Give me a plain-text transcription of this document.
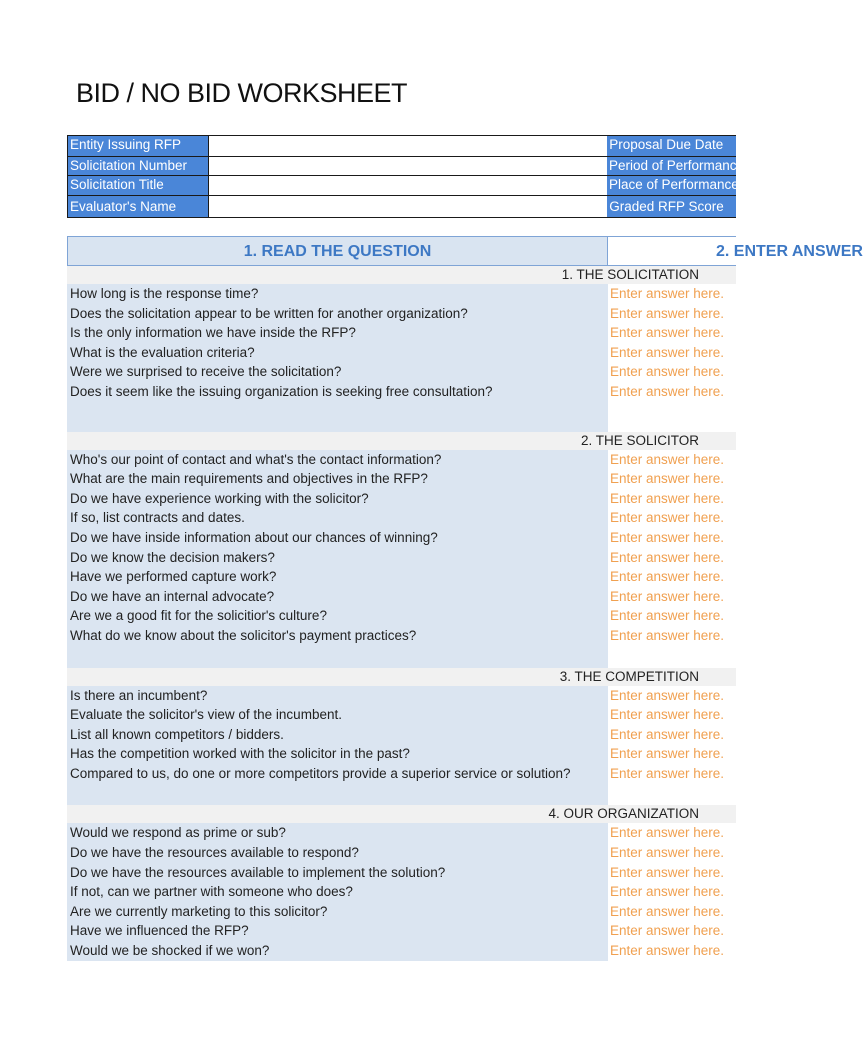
BID / NO BID WORKSHEET
Entity Issuing RFP	Proposal Due Date
Solicitation Number	Period of Performance
Solicitation Title	Place of Performance
Evaluator's Name	Graded RFP Score
1. READ THE QUESTION	2. ENTER ANSWER
1. THE SOLICITATION
How long is the response time?	Enter answer here.
Does the solicitation appear to be written for another organization?	Enter answer here.
Is the only information we have inside the RFP?	Enter answer here.
What is the evaluation criteria?	Enter answer here.
Were we surprised to receive the solicitation?	Enter answer here.
Does it seem like the issuing organization is seeking free consultation?	Enter answer here.
2. THE SOLICITOR
Who's our point of contact and what's the contact information?	Enter answer here.
What are the main requirements and objectives in the RFP?	Enter answer here.
Do we have experience working with the solicitor?	Enter answer here.
If so, list contracts and dates.	Enter answer here.
Do we have inside information about our chances of winning?	Enter answer here.
Do we know the decision makers?	Enter answer here.
Have we performed capture work?	Enter answer here.
Do we have an internal advocate?	Enter answer here.
Are we a good fit for the solicitior's culture?	Enter answer here.
What do we know about the solicitor's payment practices?	Enter answer here.
3. THE COMPETITION
Is there an incumbent?	Enter answer here.
Evaluate the solicitor's view of the incumbent.	Enter answer here.
List all known competitors / bidders.	Enter answer here.
Has the competition worked with the solicitor in the past?	Enter answer here.
Compared to us, do one or more competitors provide a superior service or solution?	Enter answer here.
4. OUR ORGANIZATION
Would we respond as prime or sub?	Enter answer here.
Do we have the resources available to respond?	Enter answer here.
Do we have the resources available to implement the solution?	Enter answer here.
If not, can we partner with someone who does?	Enter answer here.
Are we currently marketing to this solicitor?	Enter answer here.
Have we influenced the RFP?	Enter answer here.
Would we be shocked if we won?	Enter answer here.
